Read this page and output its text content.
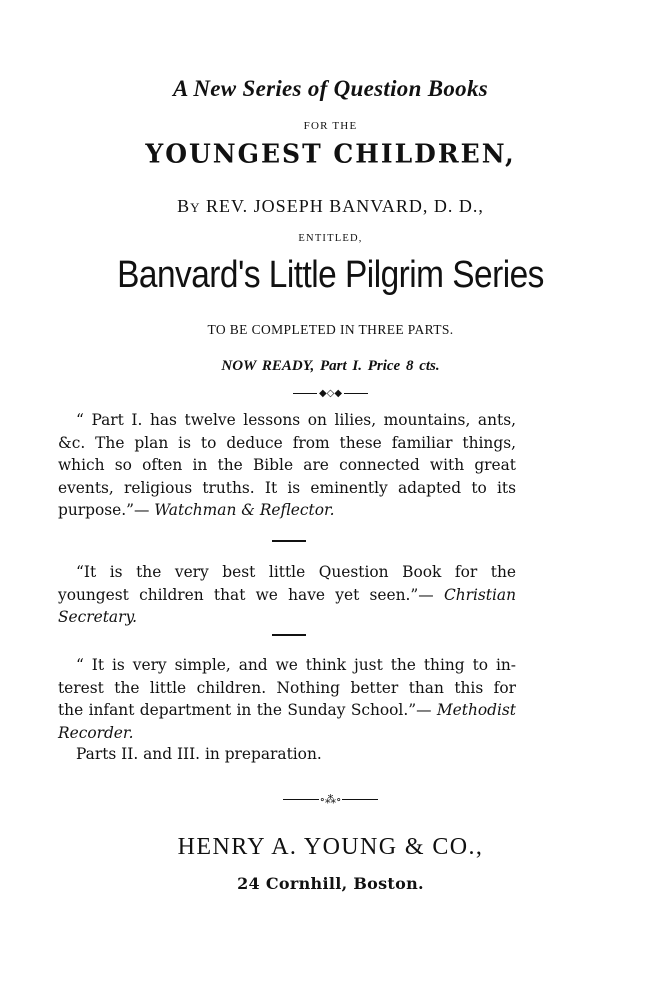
A New Series of Question Books
FOR THE
YOUNGEST CHILDREN,
By REV. JOSEPH BANVARD, D. D.,
ENTITLED,
Banvard's Little Pilgrim Series
TO BE COMPLETED IN THREE PARTS.
NOW READY, Part I. Price 8 cts.
◆◇◆
“ Part I. has twelve lessons on lilies, mountains, ants,
&c. The plan is to deduce from these familiar things,
which so often in the Bible are connected with great
events, religious truths. It is eminently adapted to its
purpose.”— Watchman & Reflector.
“It is the very best little Question Book for the
youngest children that we have yet seen.”— Christian
Secretary.
“ It is very simple, and we think just the thing to in-
terest the little children. Nothing better than this for
the infant department in the Sunday School.”— Methodist
Recorder.
Parts II. and III. in preparation.
∘⁂∘
HENRY A. YOUNG & CO.,
24 Cornhill, Boston.
